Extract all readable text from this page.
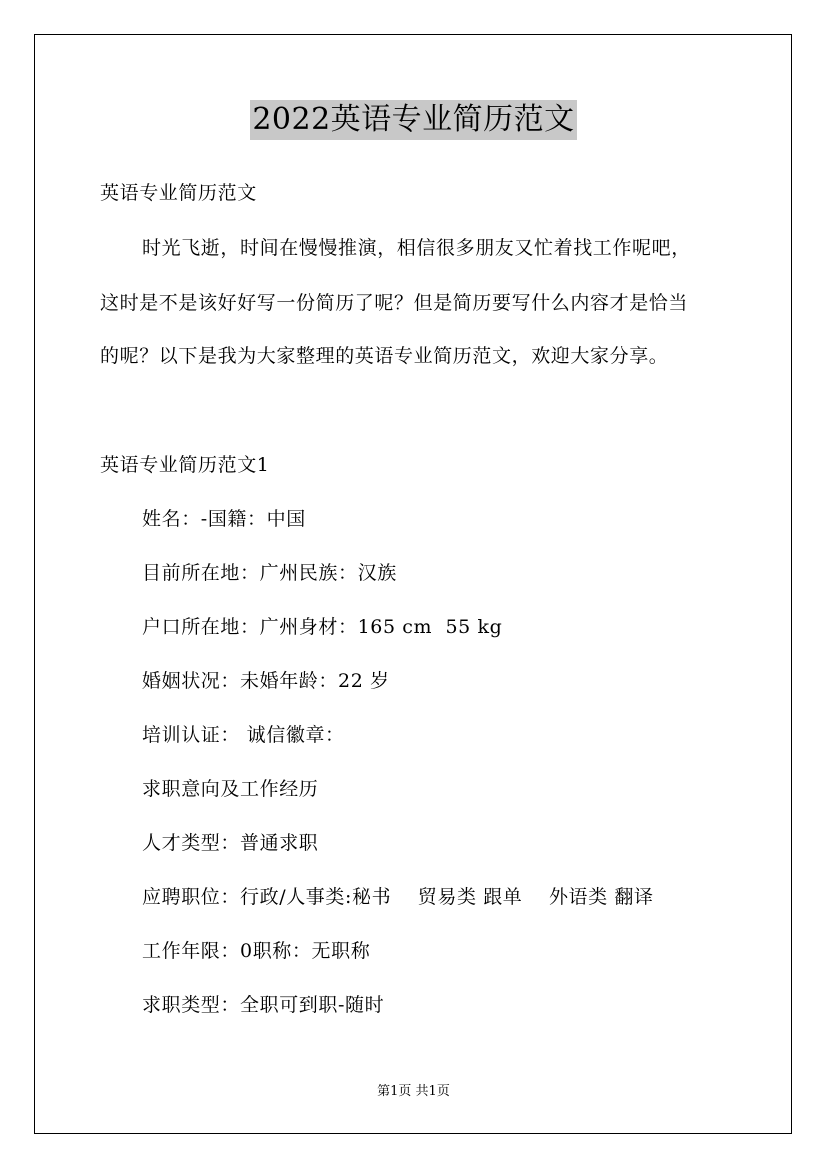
2022英语专业简历范文
英语专业简历范文
时光飞逝，时间在慢慢推演，相信很多朋友又忙着找工作呢吧，
这时是不是该好好写一份简历了呢？但是简历要写什么内容才是恰当
的呢？以下是我为大家整理的英语专业简历范文，欢迎大家分享。
英语专业简历范文1
姓名：-国籍：中国
目前所在地：广州民族：汉族
户口所在地：广州身材：165 cm  55 kg
婚姻状况：未婚年龄：22 岁
培训认证： 诚信徽章：
求职意向及工作经历
人才类型：普通求职
应聘职位：行政/人事类:秘书    贸易类 跟单    外语类 翻译
工作年限：0职称：无职称
求职类型：全职可到职-随时
第1页 共1页
